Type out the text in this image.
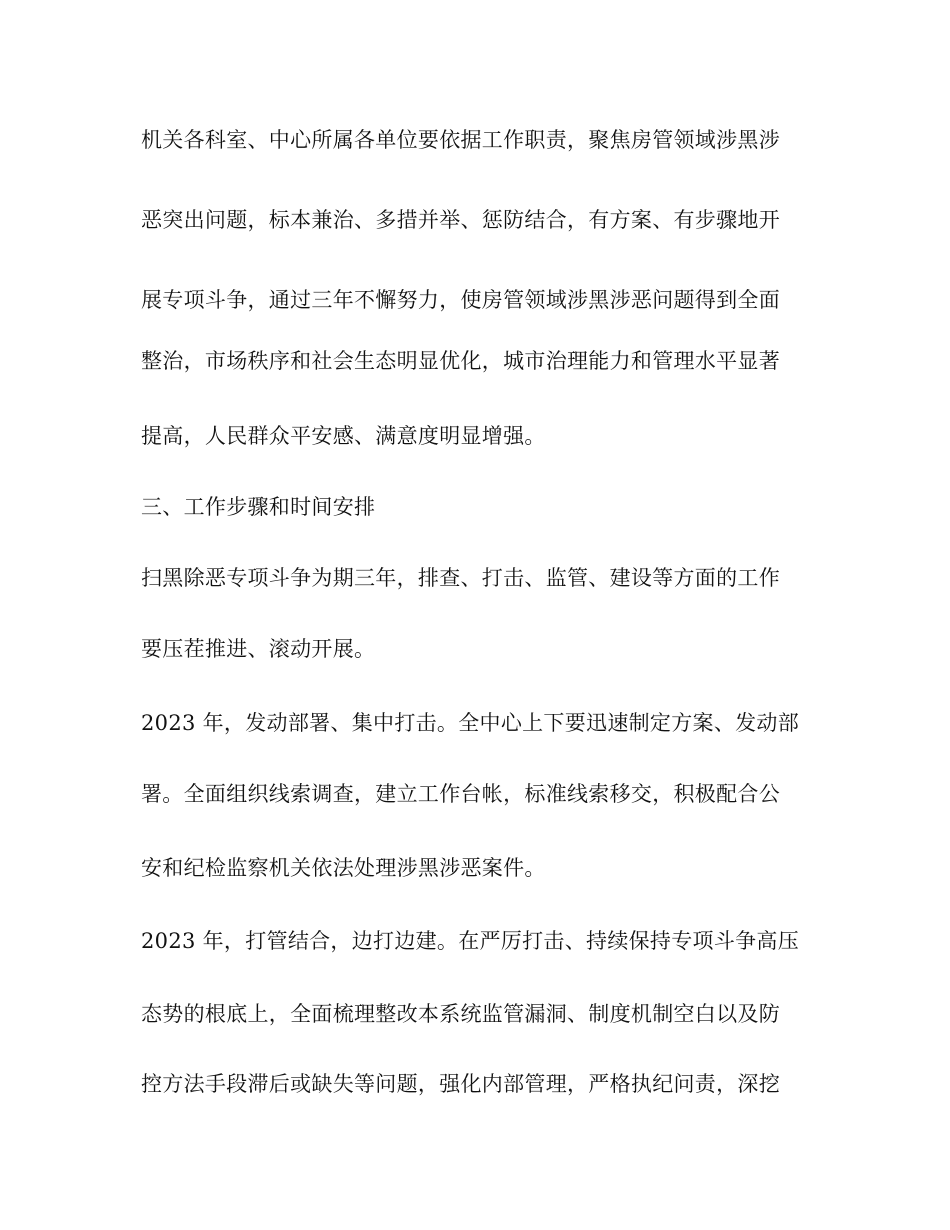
机关各科室、中心所属各单位要依据工作职责，聚焦房管领域涉黑涉

恶突出问题，标本兼治、多措并举、惩防结合，有方案、有步骤地开

展专项斗争，通过三年不懈努力，使房管领域涉黑涉恶问题得到全面

整治，市场秩序和社会生态明显优化，城市治理能力和管理水平显著

提高，人民群众平安感、满意度明显增强。

三、工作步骤和时间安排

扫黑除恶专项斗争为期三年，排查、打击、监管、建设等方面的工作

要压茬推进、滚动开展。

2023 年，发动部署、集中打击。全中心上下要迅速制定方案、发动部

署。全面组织线索调查，建立工作台帐，标准线索移交，积极配合公

安和纪检监察机关依法处理涉黑涉恶案件。

2023 年，打管结合，边打边建。在严厉打击、持续保持专项斗争高压

态势的根底上，全面梳理整改本系统监管漏洞、制度机制空白以及防

控方法手段滞后或缺失等问题，强化内部管理，严格执纪问责，深挖
